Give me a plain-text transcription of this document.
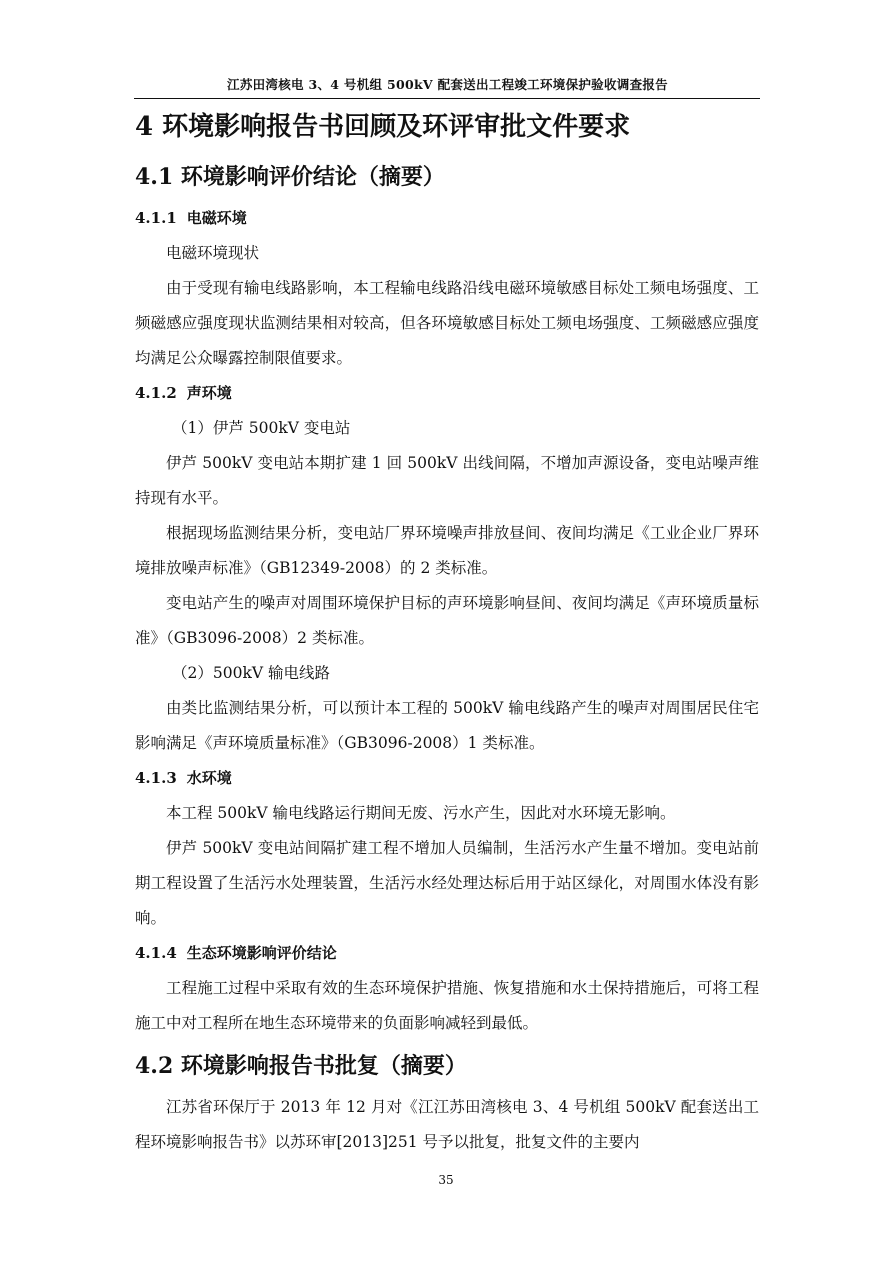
江苏田湾核电 3、4 号机组 500kV 配套送出工程竣工环境保护验收调查报告
4 环境影响报告书回顾及环评审批文件要求
4.1 环境影响评价结论（摘要）
4.1.1 电磁环境

电磁环境现状

由于受现有输电线路影响，本工程输电线路沿线电磁环境敏感目标处工频电场强度、工频磁感应强度现状监测结果相对较高，但各环境敏感目标处工频电场强度、工频磁感应强度均满足公众曝露控制限值要求。

4.1.2 声环境

（1）伊芦 500kV 变电站

伊芦 500kV 变电站本期扩建 1 回 500kV 出线间隔，不增加声源设备，变电站噪声维持现有水平。

根据现场监测结果分析，变电站厂界环境噪声排放昼间、夜间均满足《工业企业厂界环境排放噪声标准》（GB12349-2008）的 2 类标准。

变电站产生的噪声对周围环境保护目标的声环境影响昼间、夜间均满足《声环境质量标准》（GB3096-2008）2 类标准。

（2）500kV 输电线路

由类比监测结果分析，可以预计本工程的 500kV 输电线路产生的噪声对周围居民住宅影响满足《声环境质量标准》（GB3096-2008）1 类标准。

4.1.3 水环境

本工程 500kV 输电线路运行期间无废、污水产生，因此对水环境无影响。

伊芦 500kV 变电站间隔扩建工程不增加人员编制，生活污水产生量不增加。变电站前期工程设置了生活污水处理装置，生活污水经处理达标后用于站区绿化，对周围水体没有影响。

4.1.4 生态环境影响评价结论

工程施工过程中采取有效的生态环境保护措施、恢复措施和水土保持措施后，可将工程施工中对工程所在地生态环境带来的负面影响减轻到最低。

4.2 环境影响报告书批复（摘要）

江苏省环保厅于 2013 年 12 月对《江江苏田湾核电 3、4 号机组 500kV 配套送出工程环境影响报告书》以苏环审[2013]251 号予以批复，批复文件的主要内

35
